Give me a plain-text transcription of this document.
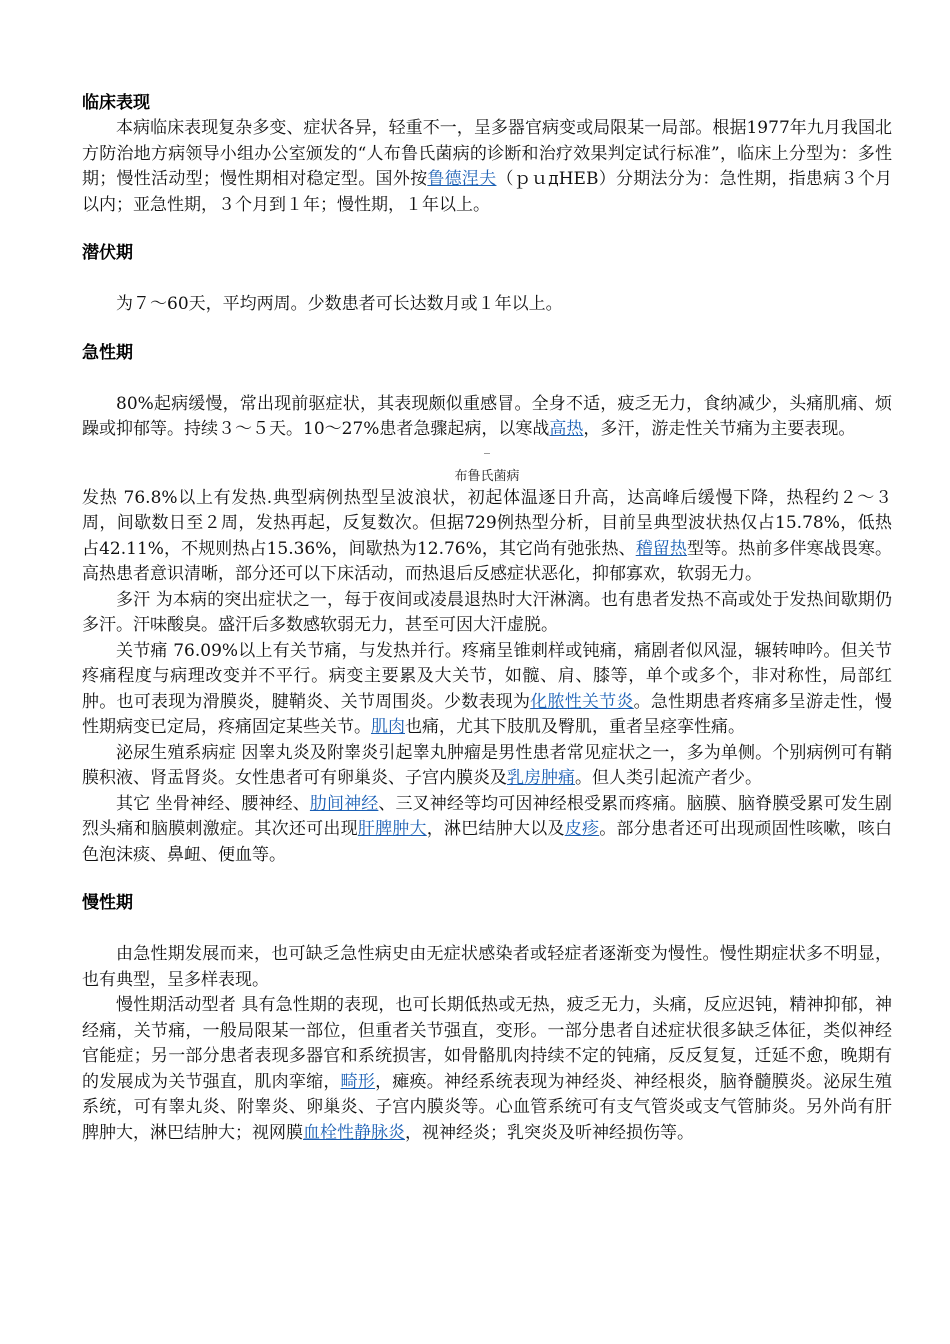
临床表现

本病临床表现复杂多变、症状各异，轻重不一，呈多器官病变或局限某一局部。根据1977年九月我国北方防治地方病领导小组办公室颁发的“人布鲁氏菌病的诊断和治疗效果判定试行标准”，临床上分型为：多性期；慢性活动型；慢性期相对稳定型。国外按鲁德涅夫（ｐｕдНЕВ）分期法分为：急性期，指患病３个月以内；亚急性期，３个月到１年；慢性期，１年以上。

潜伏期

为７～60天，平均两周。少数患者可长达数月或１年以上。

急性期

80%起病缓慢，常出现前驱症状，其表现颇似重感冒。全身不适，疲乏无力，食纳减少，头痛肌痛、烦躁或抑郁等。持续３～５天。10～27%患者急骤起病，以寒战高热，多汗，游走性关节痛为主要表现。

布鲁氏菌病

发热 76.8%以上有发热.典型病例热型呈波浪状，初起体温逐日升高，达高峰后缓慢下降，热程约２～３周，间歇数日至２周，发热再起，反复数次。但据729例热型分析，目前呈典型波状热仅占15.78%，低热占42.11%，不规则热占15.36%，间歇热为12.76%，其它尚有弛张热、稽留热型等。热前多伴寒战畏寒。高热患者意识清晰，部分还可以下床活动，而热退后反感症状恶化，抑郁寡欢，软弱无力。

多汗 为本病的突出症状之一，每于夜间或凌晨退热时大汗淋漓。也有患者发热不高或处于发热间歇期仍多汗。汗味酸臭。盛汗后多数感软弱无力，甚至可因大汗虚脱。

关节痛 76.09%以上有关节痛，与发热并行。疼痛呈锥刺样或钝痛，痛剧者似风湿，辗转呻吟。但关节疼痛程度与病理改变并不平行。病变主要累及大关节，如髋、肩、膝等，单个或多个，非对称性，局部红肿。也可表现为滑膜炎，腱鞘炎、关节周围炎。少数表现为化脓性关节炎。急性期患者疼痛多呈游走性，慢性期病变已定局，疼痛固定某些关节。肌肉也痛，尤其下肢肌及臀肌，重者呈痉挛性痛。

泌尿生殖系病症 因睾丸炎及附睾炎引起睾丸肿瘤是男性患者常见症状之一，多为单侧。个别病例可有鞘膜积液、肾盂肾炎。女性患者可有卵巢炎、子宫内膜炎及乳房肿痛。但人类引起流产者少。

其它 坐骨神经、腰神经、肋间神经、三叉神经等均可因神经根受累而疼痛。脑膜、脑脊膜受累可发生剧烈头痛和脑膜刺激症。其次还可出现肝脾肿大，淋巴结肿大以及皮疹。部分患者还可出现顽固性咳嗽，咳白色泡沫痰、鼻衄、便血等。

慢性期

由急性期发展而来，也可缺乏急性病史由无症状感染者或轻症者逐渐变为慢性。慢性期症状多不明显，也有典型，呈多样表现。

慢性期活动型者 具有急性期的表现，也可长期低热或无热，疲乏无力，头痛，反应迟钝，精神抑郁，神经痛，关节痛，一般局限某一部位，但重者关节强直，变形。一部分患者自述症状很多缺乏体征，类似神经官能症；另一部分患者表现多器官和系统损害，如骨骼肌肉持续不定的钝痛，反反复复，迁延不愈，晚期有的发展成为关节强直，肌肉挛缩，畸形，瘫痪。神经系统表现为神经炎、神经根炎，脑脊髓膜炎。泌尿生殖系统，可有睾丸炎、附睾炎、卵巢炎、子宫内膜炎等。心血管系统可有支气管炎或支气管肺炎。另外尚有肝脾肿大，淋巴结肿大；视网膜血栓性静脉炎，视神经炎；乳突炎及听神经损伤等。
